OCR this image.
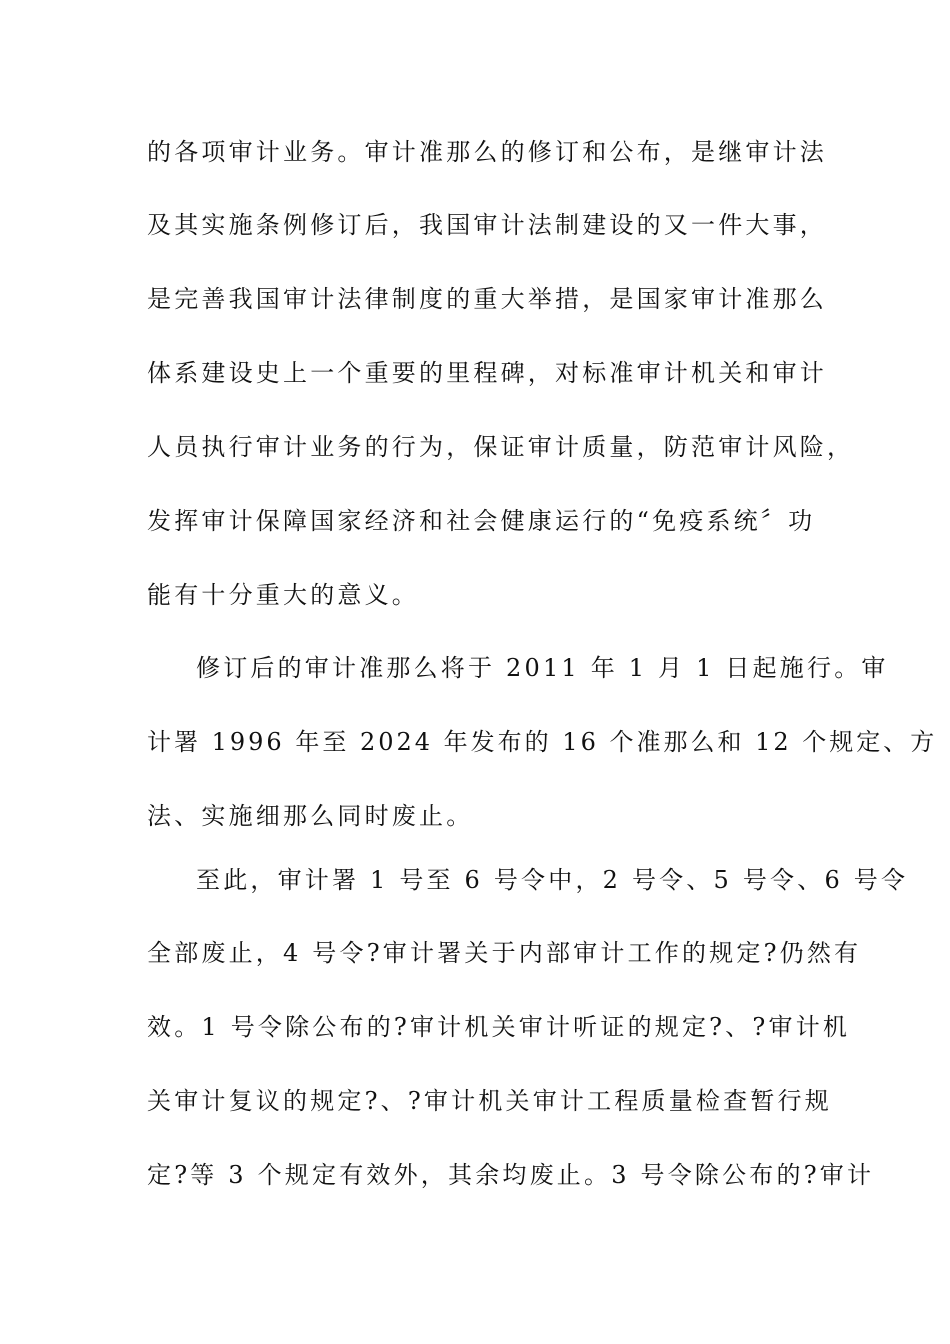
的各项审计业务。审计准那么的修订和公布，是继审计法
及其实施条例修订后，我国审计法制建设的又一件大事，
是完善我国审计法律制度的重大举措，是国家审计准那么
体系建设史上一个重要的里程碑，对标准审计机关和审计
人员执行审计业务的行为，保证审计质量，防范审计风险，
发挥审计保障国家经济和社会健康运行的“免疫系统〞功
能有十分重大的意义。
修订后的审计准那么将于 2011 年 1 月 1 日起施行。审
计署 1996 年至 2024 年发布的 16 个准那么和 12 个规定、方
法、实施细那么同时废止。
至此，审计署 1 号至 6 号令中，2 号令、5 号令、6 号令
全部废止，4 号令?审计署关于内部审计工作的规定?仍然有
效。1 号令除公布的?审计机关审计听证的规定?、?审计机
关审计复议的规定?、?审计机关审计工程质量检查暂行规
定?等 3 个规定有效外，其余均废止。3 号令除公布的?审计
